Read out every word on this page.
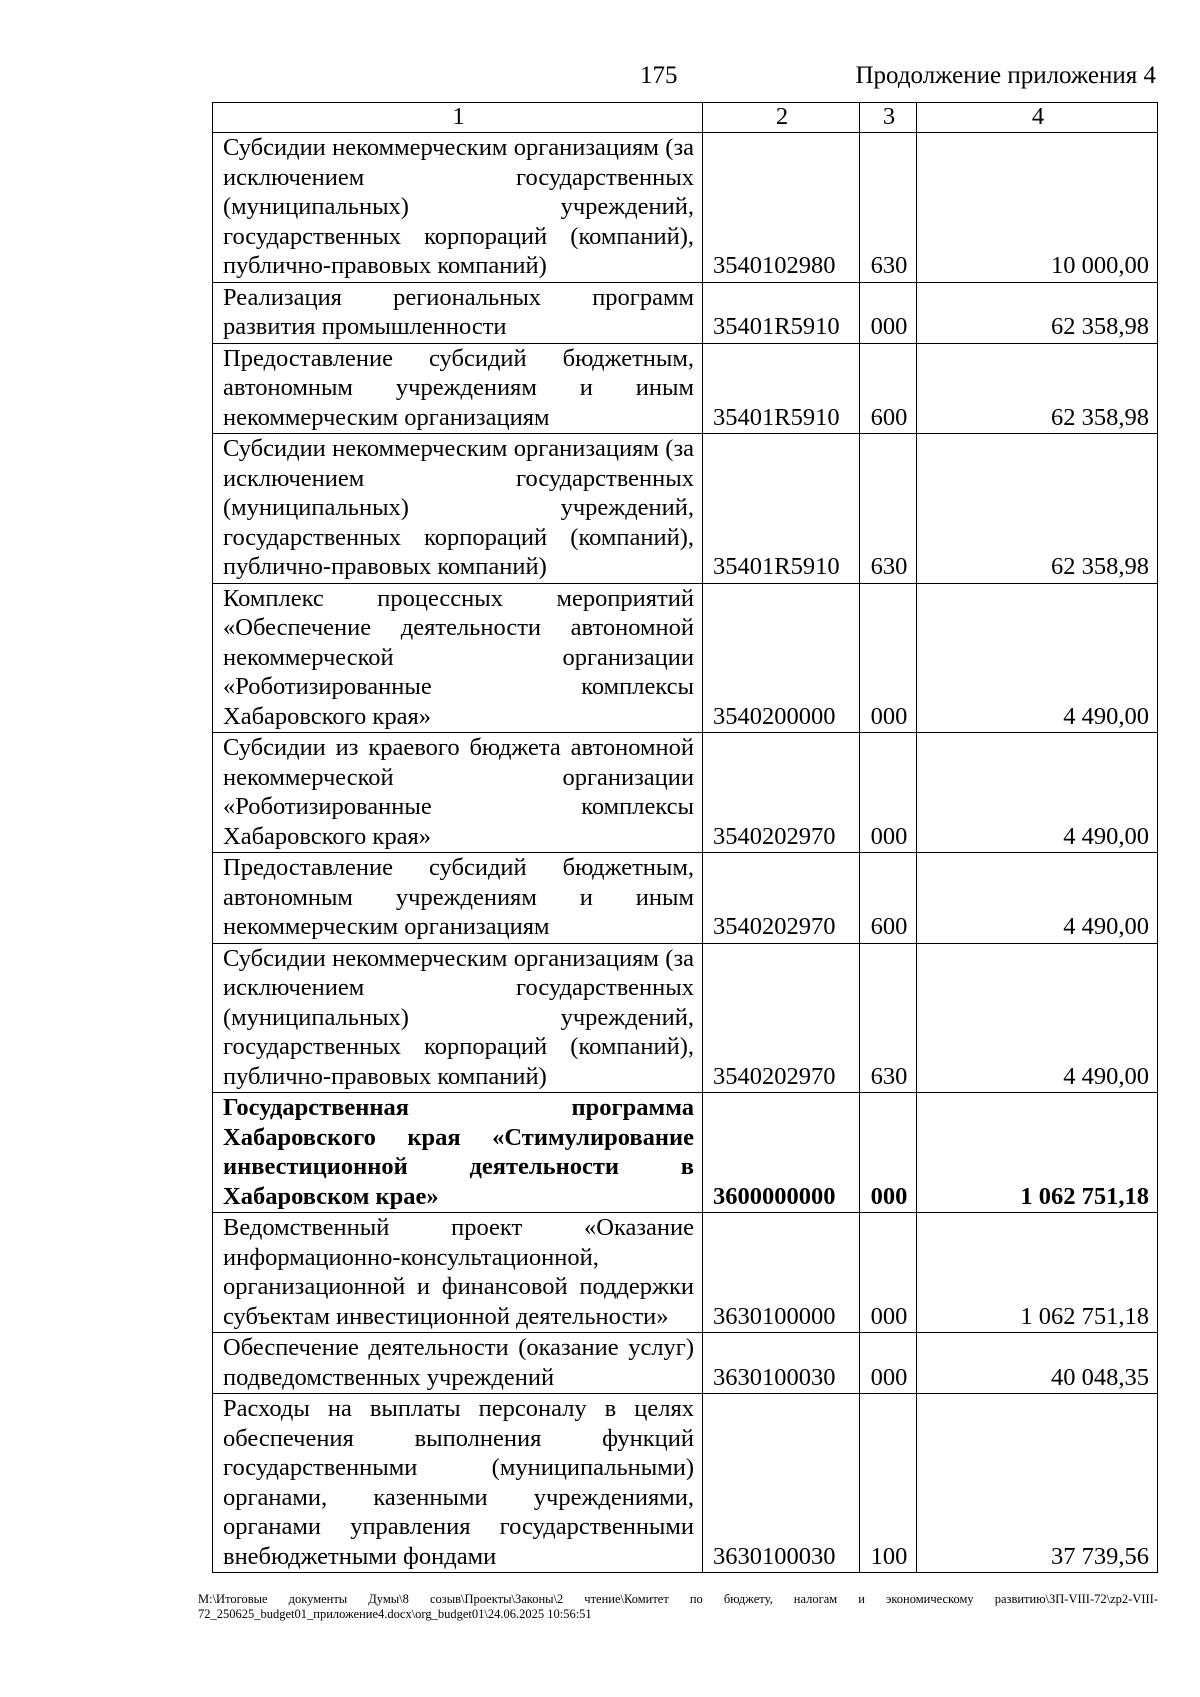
175	Продолжение приложения 4
1	2	3	4
Субсидии некоммерческим организациям (за исключением государственных (муниципальных) учреждений, государственных корпораций (компаний), публично-правовых компаний)	3540102980	630	10 000,00
Реализация региональных программ развития промышленности	35401R5910	000	62 358,98
Предоставление субсидий бюджетным, автономным учреждениям и иным некоммерческим организациям	35401R5910	600	62 358,98
Субсидии некоммерческим организациям (за исключением государственных (муниципальных) учреждений, государственных корпораций (компаний), публично-правовых компаний)	35401R5910	630	62 358,98
Комплекс процессных мероприятий «Обеспечение деятельности автономной некоммерческой организации «Роботизированные комплексы Хабаровского края»	3540200000	000	4 490,00
Субсидии из краевого бюджета автономной некоммерческой организации «Роботизированные комплексы Хабаровского края»	3540202970	000	4 490,00
Предоставление субсидий бюджетным, автономным учреждениям и иным некоммерческим организациям	3540202970	600	4 490,00
Субсидии некоммерческим организациям (за исключением государственных (муниципальных) учреждений, государственных корпораций (компаний), публично-правовых компаний)	3540202970	630	4 490,00
Государственная программа Хабаровского края «Стимулирование инвестиционной деятельности в Хабаровском крае»	3600000000	000	1 062 751,18
Ведомственный проект «Оказание информационно-консультационной, организационной и финансовой поддержки субъектам инвестиционной деятельности»	3630100000	000	1 062 751,18
Обеспечение деятельности (оказание услуг) подведомственных учреждений	3630100030	000	40 048,35
Расходы на выплаты персоналу в целях обеспечения выполнения функций государственными (муниципальными) органами, казенными учреждениями, органами управления государственными внебюджетными фондами	3630100030	100	37 739,56
М:\Итоговые документы Думы\8 созыв\Проекты\Законы\2 чтение\Комитет по бюджету, налогам и экономическому развитию\ЗП-VIII-72\zp2-VIII-72_250625_budget01_приложение4.docx\org_budget01\24.06.2025 10:56:51
